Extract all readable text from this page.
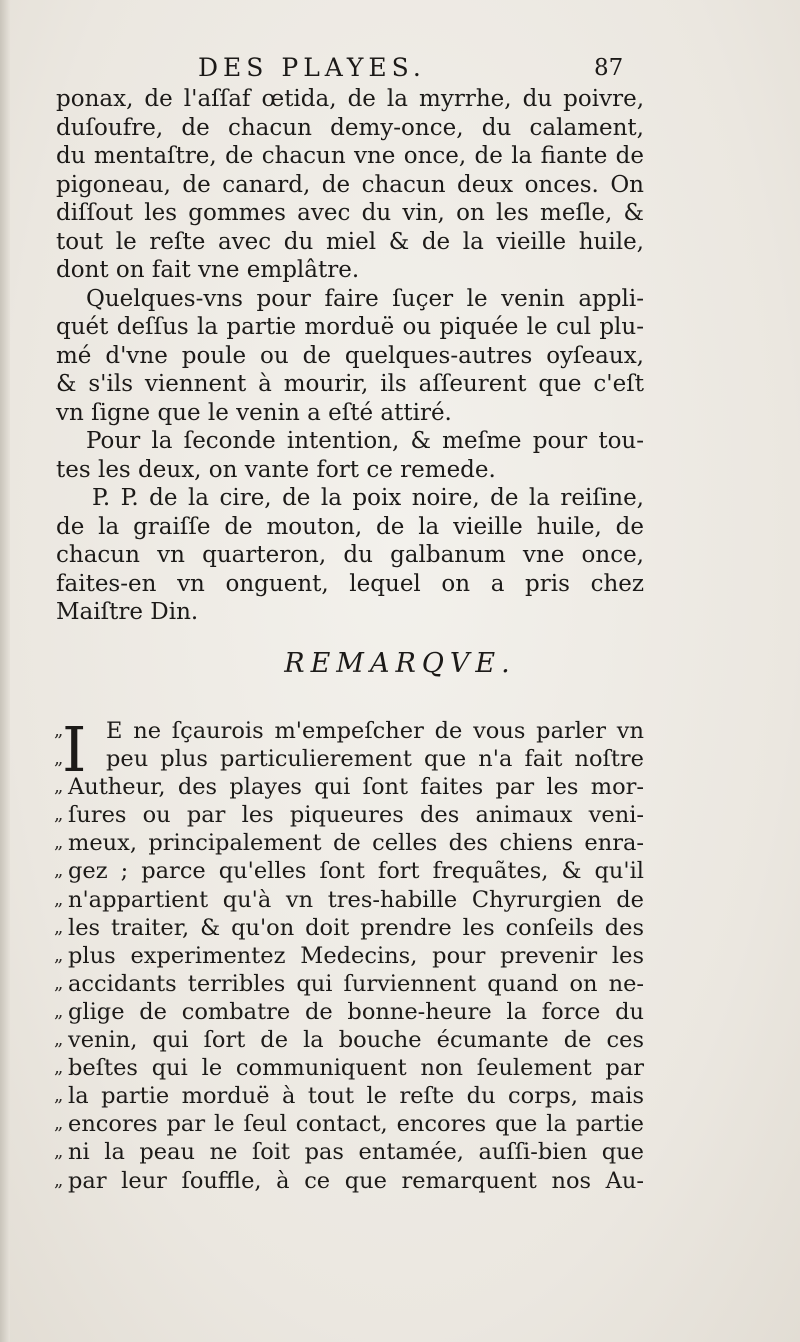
DES PLAYES.	87
ponax, de l'aſſaf œtida, de la myrrhe, du poivre,
duſoufre, de chacun demy-once, du calament,
du mentaſtre, de chacun vne once, de la fiante de
pigoneau, de canard, de chacun deux onces. On
diſſout les gommes avec du vin, on les meſle, &
tout le reſte avec du miel & de la vieille huile,
dont on fait vne emplâtre.
Quelques-vns pour faire ſuçer le venin appli-
quét deſſus la partie morduë ou piquée le cul plu-
mé d'vne poule ou de quelques-autres oyſeaux,
& s'ils viennent à mourir, ils aſſeurent que c'eſt
vn ſigne que le venin a eſté attiré.
Pour la ſeconde intention, & meſme pour tou-
tes les deux, on vante fort ce remede.
P. P. de la cire, de la poix noire, de la reiſine,
de la graiſſe de mouton, de la vieille huile, de
chacun vn quarteron, du galbanum vne once,
faites-en vn onguent, lequel on a pris chez
Maiſtre Din.
REMARQVE.
I
„ E ne ſçaurois m'empeſcher de vous parler vn
„ peu plus particulierement que n'a fait noſtre
„ Autheur, des playes qui ſont faites par les mor-
„ ſures ou par les piqueures des animaux veni-
„ meux, principalement de celles des chiens enra-
„ gez ; parce qu'elles ſont fort frequãtes, & qu'il
„ n'appartient qu'à vn tres-habille Chyrurgien de
„ les traiter, & qu'on doit prendre les conſeils des
„ plus experimentez Medecins, pour prevenir les
„ accidants terribles qui ſurviennent quand on ne-
„ glige de combatre de bonne-heure la force du
„ venin, qui ſort de la bouche écumante de ces
„ beſtes qui le communiquent non ſeulement par
„ la partie morduë à tout le reſte du corps, mais
„ encores par le ſeul contact, encores que la partie
„ ni la peau ne ſoit pas entamée, auſſi-bien que
„ par leur ſouffle, à ce que remarquent nos Au-
